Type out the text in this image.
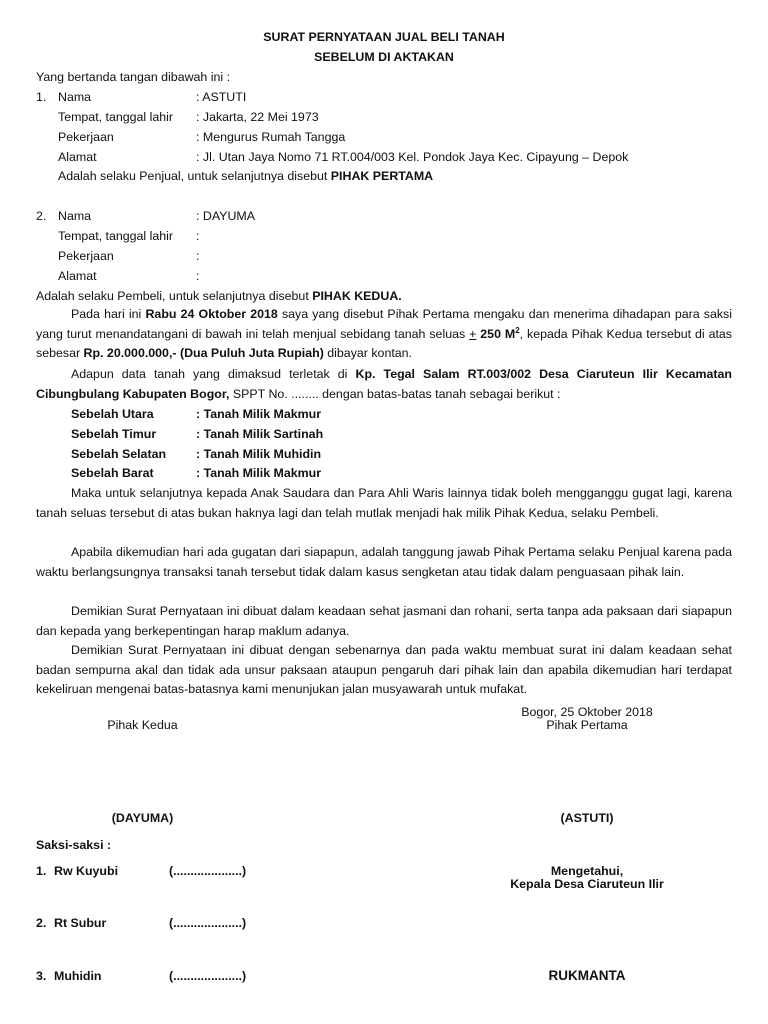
SURAT PERNYATAAN JUAL BELI TANAH
SEBELUM DI AKTAKAN
Yang bertanda tangan dibawah ini :
1. Nama	: ASTUTI
Tempat, tanggal lahir : Jakarta, 22 Mei 1973
Pekerjaan	: Mengurus Rumah Tangga
Alamat	: Jl. Utan Jaya Nomo 71 RT.004/003 Kel. Pondok Jaya Kec. Cipayung – Depok
Adalah selaku Penjual, untuk selanjutnya disebut PIHAK PERTAMA
2. Nama	: DAYUMA
Tempat, tanggal lahir :
Pekerjaan	:
Alamat	:
Adalah selaku Pembeli, untuk selanjutnya disebut PIHAK KEDUA.
Pada hari ini Rabu 24 Oktober 2018 saya yang disebut Pihak Pertama mengaku dan menerima dihadapan para saksi yang turut menandatangani di bawah ini telah menjual sebidang tanah seluas + 250 $M^2$, kepada Pihak Kedua tersebut di atas sebesar Rp. 20.000.000,- (Dua Puluh Juta Rupiah) dibayar kontan.
Adapun data tanah yang dimaksud terletak di Kp. Tegal Salam RT.003/002 Desa Ciaruteun Ilir Kecamatan Cibungbulang Kabupaten Bogor, SPPT No. ........ dengan batas-batas tanah sebagai berikut :
Sebelah Utara	: Tanah Milik Makmur
Sebelah Timur	: Tanah Milik Sartinah
Sebelah Selatan : Tanah Milik Muhidin
Sebelah Barat	: Tanah Milik Makmur
Maka untuk selanjutnya kepada Anak Saudara dan Para Ahli Waris lainnya tidak boleh mengganggu gugat lagi, karena tanah seluas tersebut di atas bukan haknya lagi dan telah mutlak menjadi hak milik Pihak Kedua, selaku Pembeli.
Apabila dikemudian hari ada gugatan dari siapapun, adalah tanggung jawab Pihak Pertama selaku Penjual karena pada waktu berlangsungnya transaksi tanah tersebut tidak dalam kasus sengketan atau tidak dalam penguasaan pihak lain.
Demikian Surat Pernyataan ini dibuat dalam keadaan sehat jasmani dan rohani, serta tanpa ada paksaan dari siapapun dan kepada yang berkepentingan harap maklum adanya.
Demikian Surat Pernyataan ini dibuat dengan sebenarnya dan pada waktu membuat surat ini dalam keadaan sehat badan sempurna akal dan tidak ada unsur paksaan ataupun pengaruh dari pihak lain dan apabila dikemudian hari terdapat kekeliruan mengenai batas-batasnya kami menunjukan jalan musyawarah untuk mufakat.
Bogor, 25 Oktober 2018
Pihak Kedua	Pihak Pertama
(DAYUMA)	(ASTUTI)
Saksi-saksi :
1. Rw Kuyubi	(....................)
2. Rt Subur	(....................)
3. Muhidin	(....................)
Mengetahui,
Kepala Desa Ciaruteun Ilir
RUKMANTA
